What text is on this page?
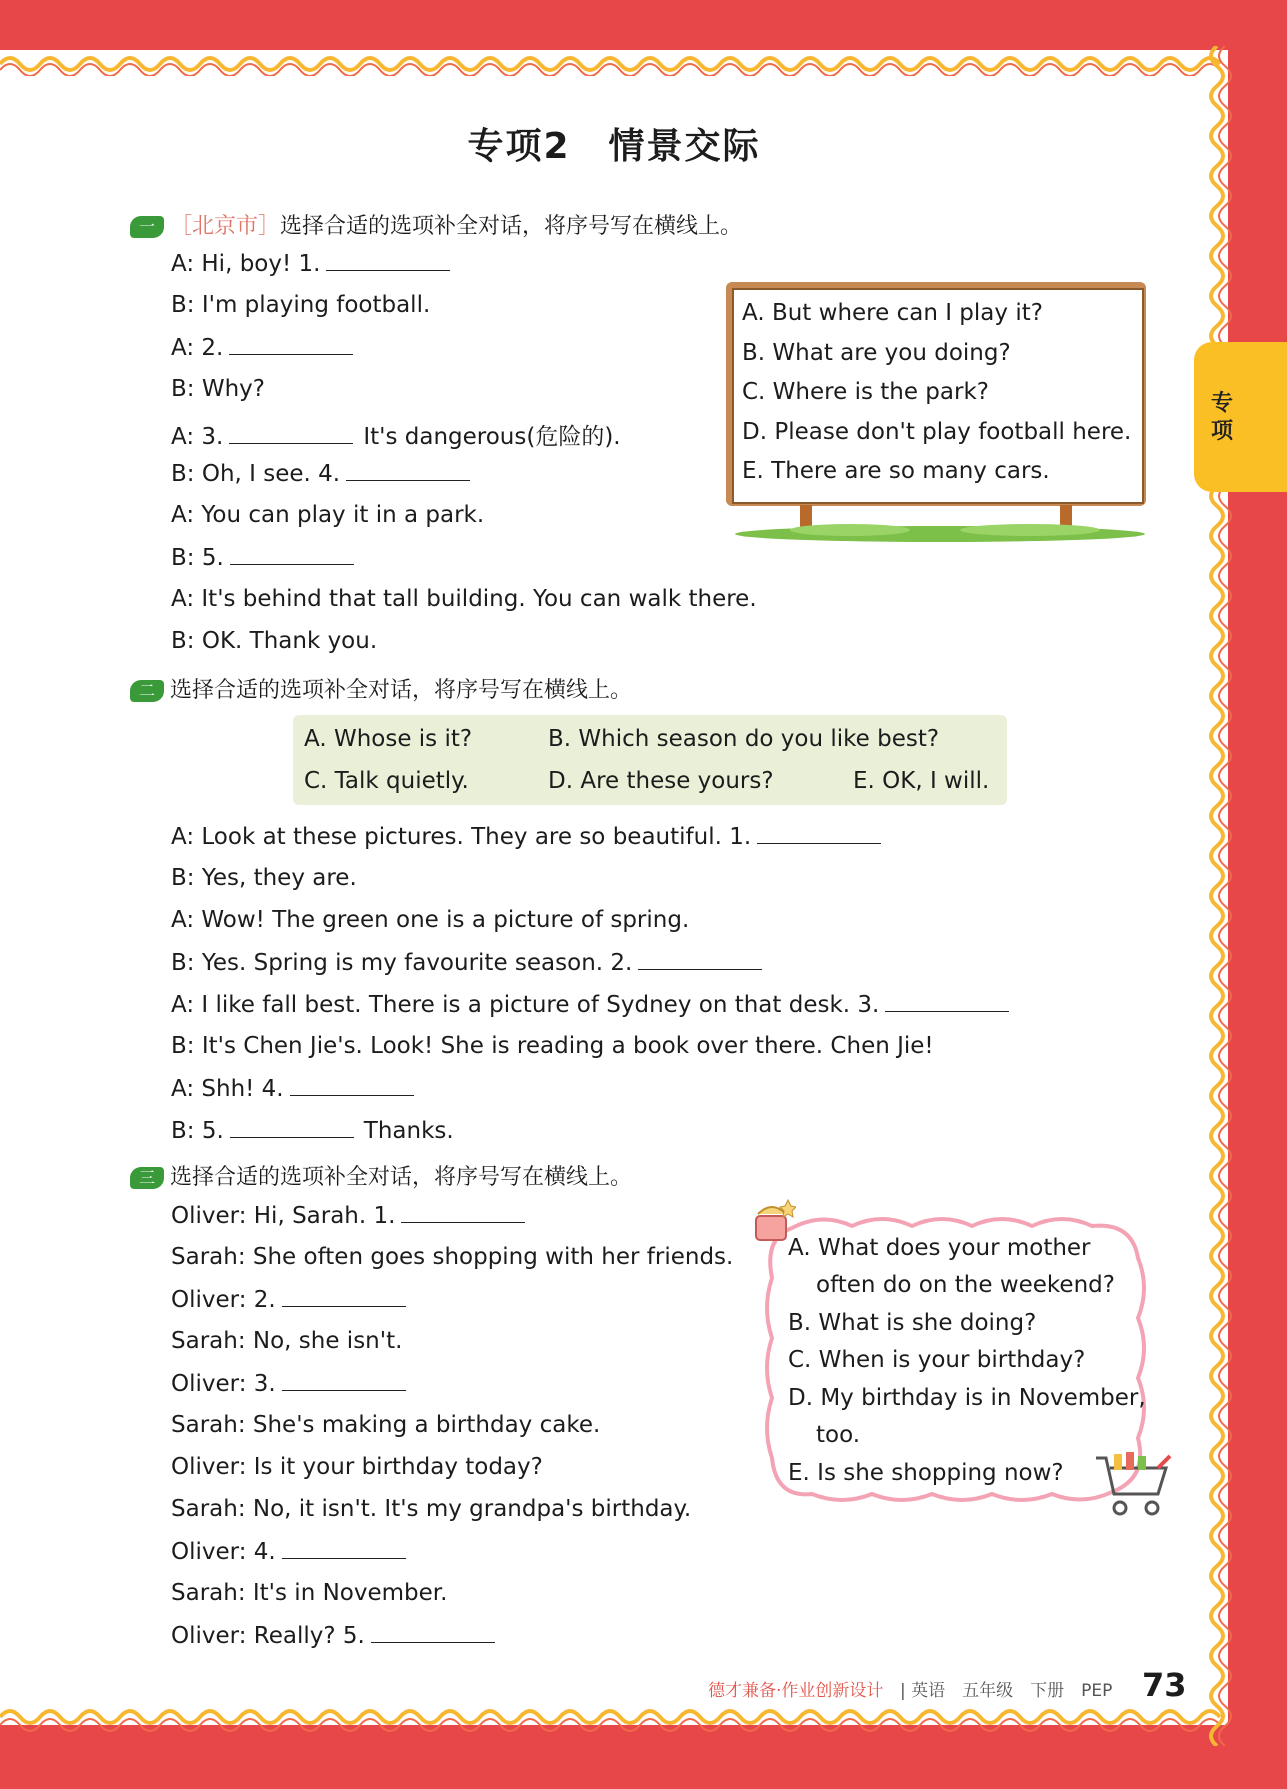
专项
专项2　情景交际
一 ［北京市］选择合适的选项补全对话，将序号写在横线上。
A: Hi, boy! 1.
B: I'm playing football.
A: 2.
B: Why?
A: 3.	It's dangerous(危险的).
B: Oh, I see. 4.
A: You can play it in a park.
B: 5.
A: It's behind that tall building. You can walk there.
B: OK. Thank you.
A. But where can I play it?
B. What are you doing?
C. Where is the park?
D. Please don't play football here.
E. There are so many cars.
二 选择合适的选项补全对话，将序号写在横线上。
A. Whose is it?	B. Which season do you like best?
C. Talk quietly.	D. Are these yours?	E. OK, I will.
A: Look at these pictures. They are so beautiful. 1.
B: Yes, they are.
A: Wow! The green one is a picture of spring.
B: Yes. Spring is my favourite season. 2.
A: I like fall best. There is a picture of Sydney on that desk. 3.
B: It's Chen Jie's. Look! She is reading a book over there. Chen Jie!
A: Shh! 4.
B: 5.	Thanks.
三 选择合适的选项补全对话，将序号写在横线上。
Oliver: Hi, Sarah. 1.
Sarah: She often goes shopping with her friends.
Oliver: 2.
Sarah: No, she isn't.
Oliver: 3.
Sarah: She's making a birthday cake.
Oliver: Is it your birthday today?
Sarah: No, it isn't. It's my grandpa's birthday.
Oliver: 4.
Sarah: It's in November.
Oliver: Really? 5.
A. What does your mother
often do on the weekend?
B. What is she doing?
C. When is your birthday?
D. My birthday is in November,
too.
E. Is she shopping now?
德才兼备·作业创新设计 | 英语　五年级　下册　PEP 73
